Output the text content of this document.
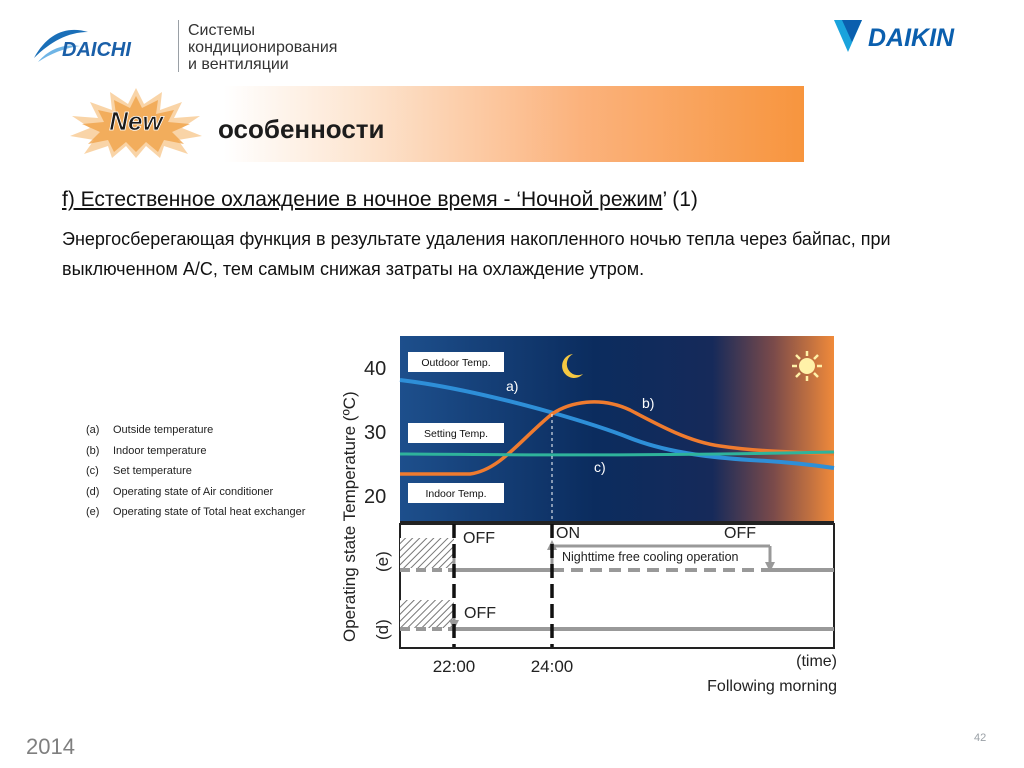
DAICHI
Системы
кондиционирования
и вентиляции
DAIKIN
New особенности
f) Естественное охлаждение в ночное время - ‘Ночной режим’ (1)
Энергосберегающая функция в результате удаления накопленного ночью тепла через байпас, при выключенном А/С, тем самым снижая затраты на охлаждение утром.
(a) Outside temperature
(b) Indoor temperature
(c) Set temperature
(d) Operating state of Air conditioner
(e) Operating state of Total heat exchanger
Outdoor Temp.
Setting Temp.
Indoor Temp.
a)
b)
c)
40
30
20
Operating state Temperature (ºC)	OFF	ON	OFF
Nighttime free cooling operation
OFF
(e)
(d)
22:00	24:00	(time)
Following morning
2014	42
